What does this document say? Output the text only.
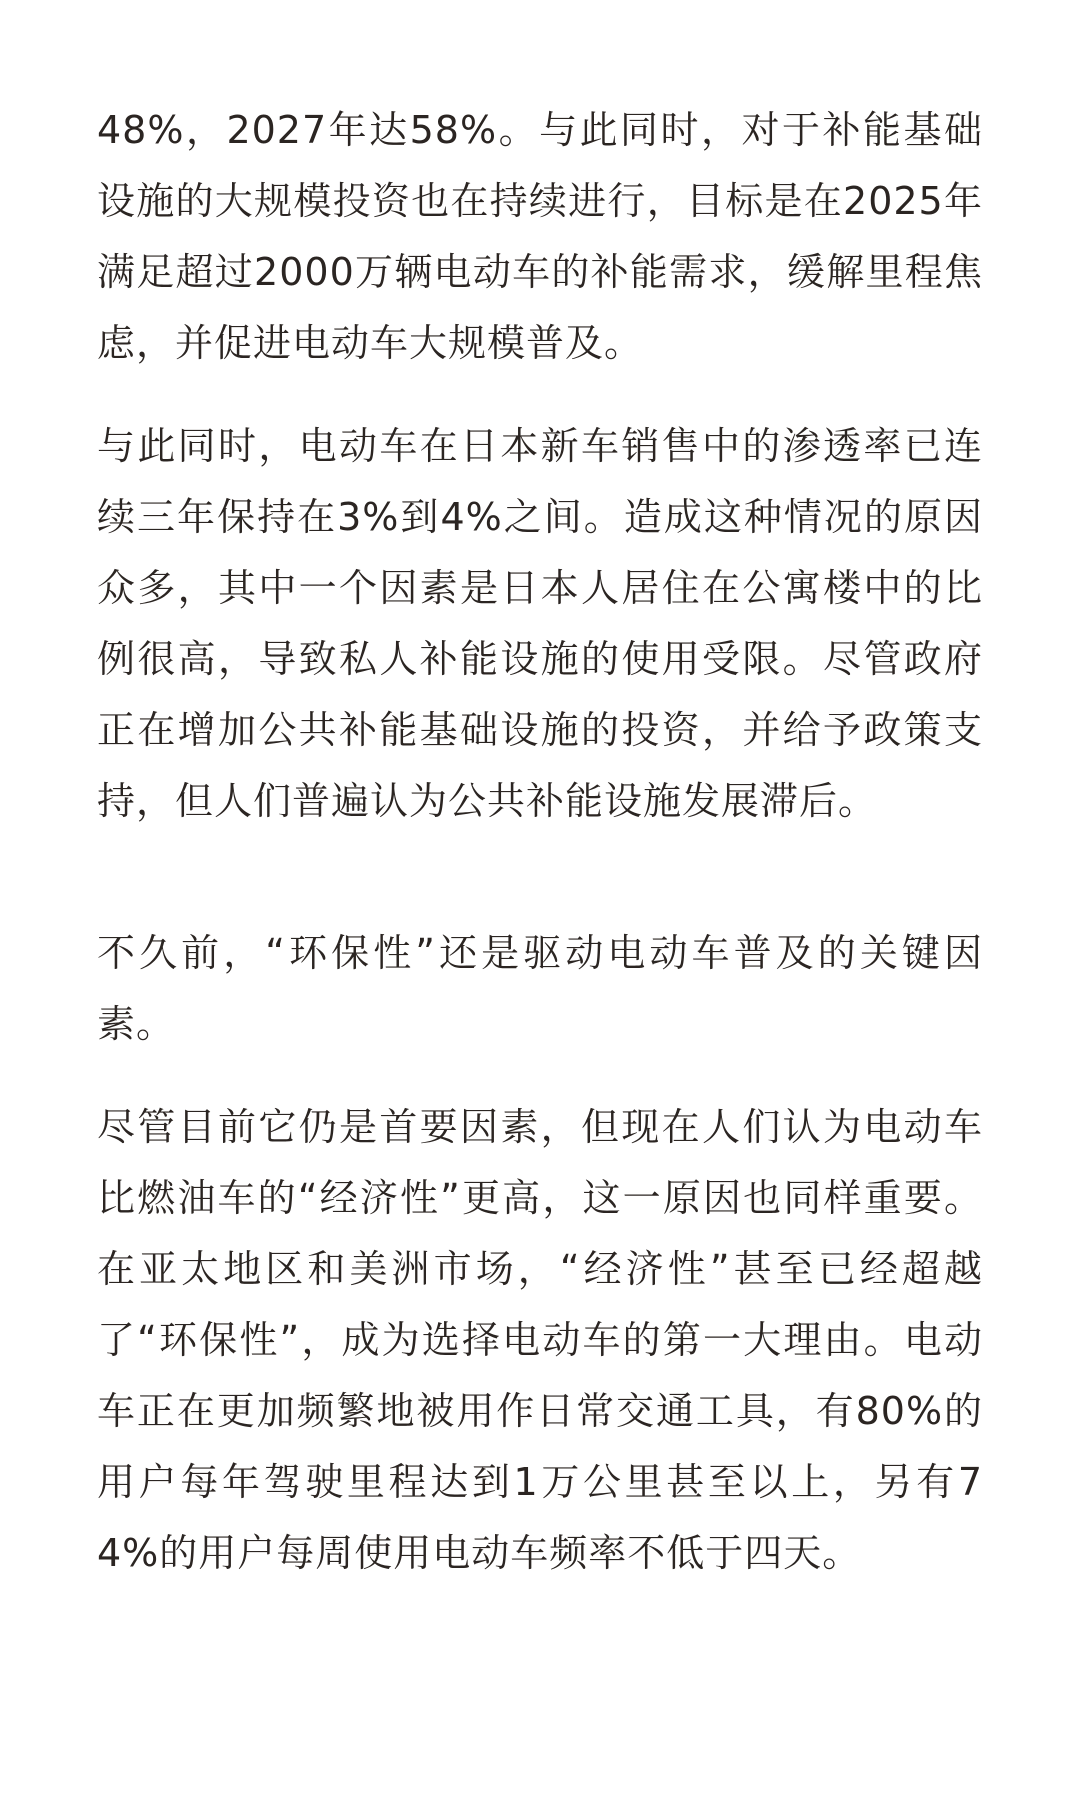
48%，2027年达58%。与此同时，对于补能基础设施的大规模投资也在持续进行，目标是在2025年满足超过2000万辆电动车的补能需求，缓解里程焦虑，并促进电动车大规模普及。

与此同时，电动车在日本新车销售中的渗透率已连续三年保持在3%到4%之间。造成这种情况的原因众多，其中一个因素是日本人居住在公寓楼中的比例很高，导致私人补能设施的使用受限。尽管政府正在增加公共补能基础设施的投资，并给予政策支持，但人们普遍认为公共补能设施发展滞后。

不久前，“环保性”还是驱动电动车普及的关键因素。

尽管目前它仍是首要因素，但现在人们认为电动车比燃油车的“经济性”更高，这一原因也同样重要。在亚太地区和美洲市场，“经济性”甚至已经超越了“环保性”，成为选择电动车的第一大理由。电动车正在更加频繁地被用作日常交通工具，有80%的用户每年驾驶里程达到1万公里甚至以上，另有74%的用户每周使用电动车频率不低于四天。
